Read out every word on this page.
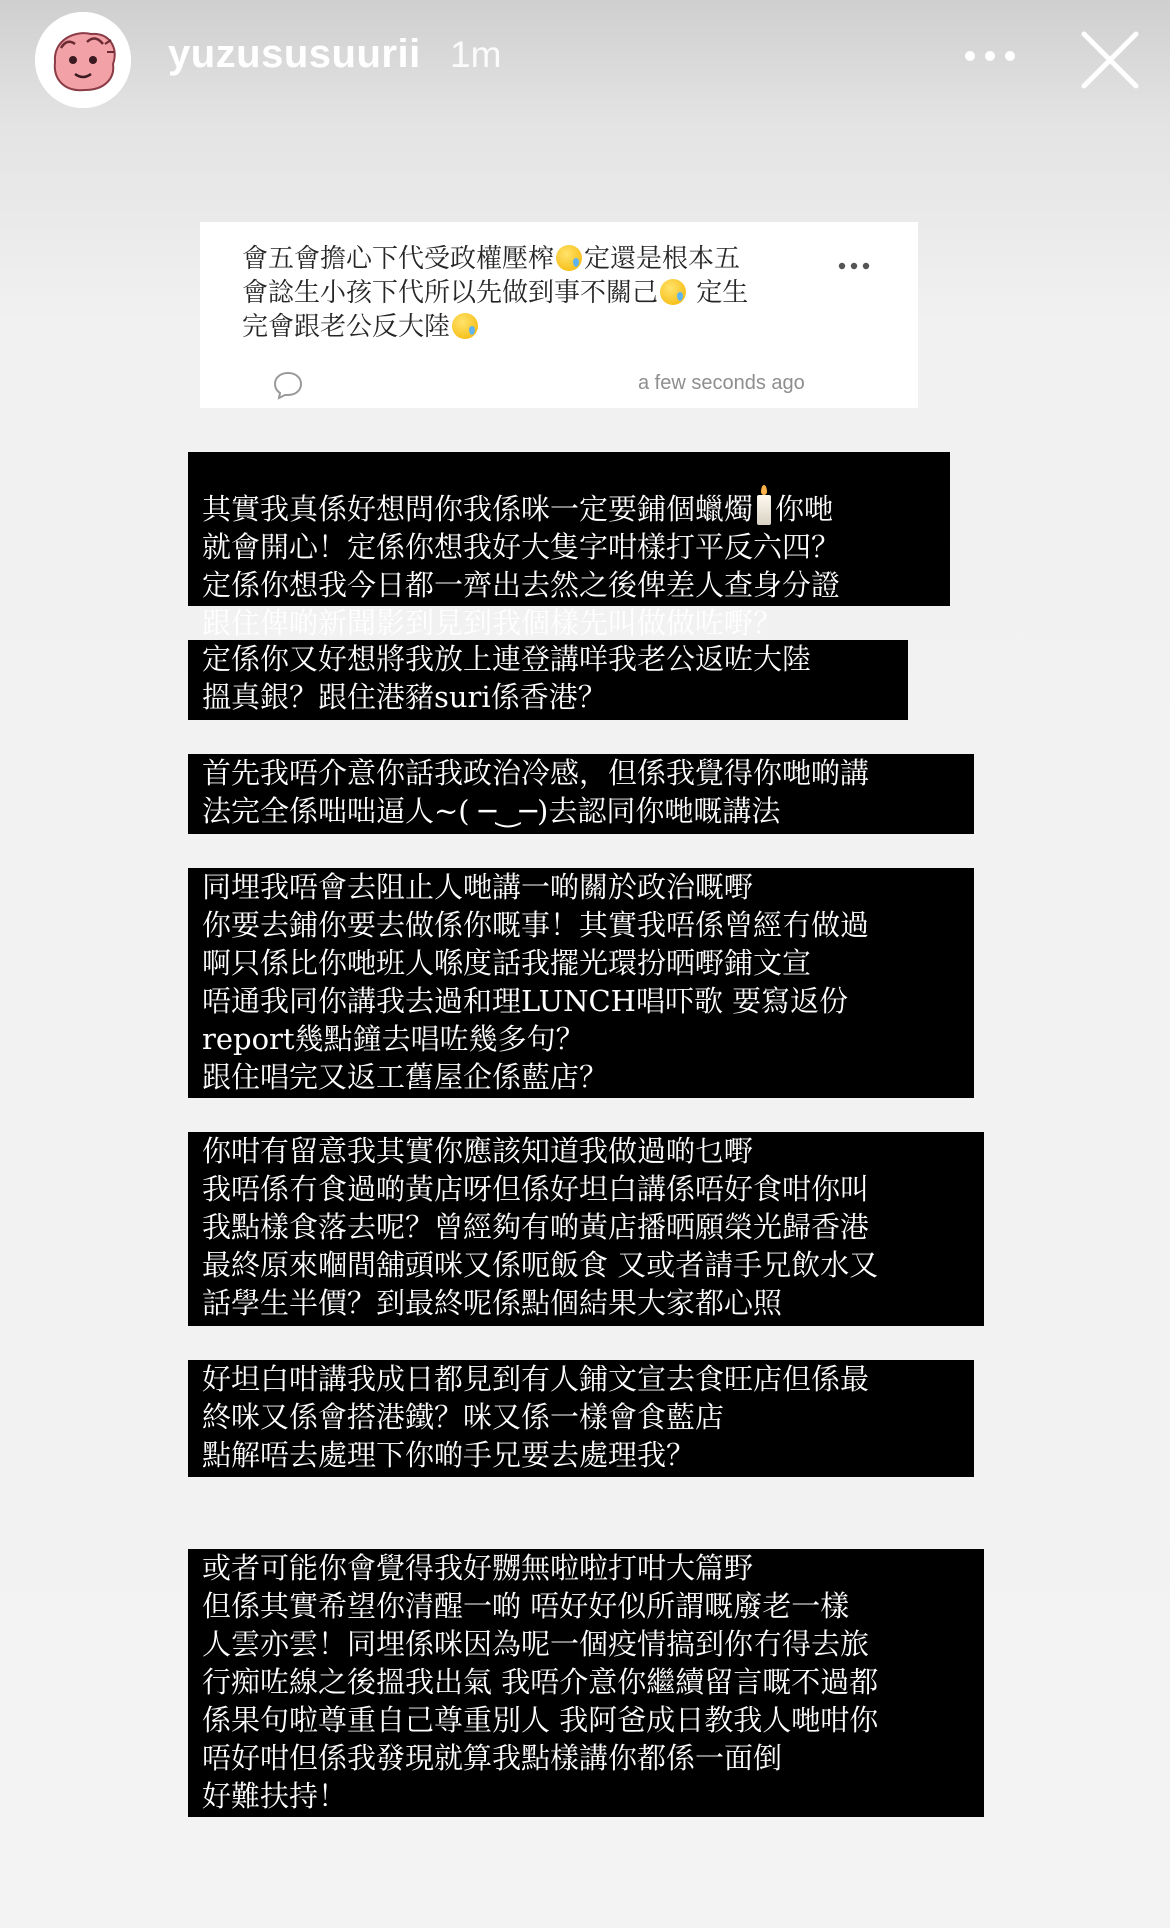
yuzususuurii 1m
會五會擔心下代受政權壓榨 定還是根本五
會諗生小孩下代所以先做到事不關己 定生
完會跟老公反大陸
a few seconds ago

其實我真係好想問你我係咪一定要鋪個蠟燭 你哋
就會開心！定係你想我好大隻字咁樣打平反六四？
定係你想我今日都一齊出去然之後俾差人查身分證
跟住俾啲新聞影到見到我個樣先叫做做咗嘢？

定係你又好想將我放上連登講咩我老公返咗大陸
搵真銀？跟住港豬suri係香港？
首先我唔介意你話我政治冷感，但係我覺得你哋啲講
法完全係咄咄逼人~( ─‿─)去認同你哋嘅講法
同埋我唔會去阻止人哋講一啲關於政治嘅嘢
你要去鋪你要去做係你嘅事！其實我唔係曾經冇做過
啊只係比你哋班人喺度話我擺光環扮晒嘢鋪文宣
唔通我同你講我去過和理LUNCH唱吓歌 要寫返份
report幾點鐘去唱咗幾多句？
跟住唱完又返工舊屋企係藍店？
你咁有留意我其實你應該知道我做過啲乜嘢
我唔係冇食過啲黃店呀但係好坦白講係唔好食咁你叫
我點樣食落去呢？曾經夠有啲黃店播晒願榮光歸香港
最終原來嗰間舖頭咪又係呃飯食 又或者請手兄飲水又
話學生半價？到最終呢係點個結果大家都心照
好坦白咁講我成日都見到有人鋪文宣去食旺店但係最
終咪又係會搭港鐵？咪又係一樣會食藍店
點解唔去處理下你啲手兄要去處理我？
或者可能你會覺得我好嬲無啦啦打咁大篇野
但係其實希望你清醒一啲 唔好好似所謂嘅廢老一樣
人雲亦雲！同埋係咪因為呢一個疫情搞到你冇得去旅
行痴咗線之後搵我出氣 我唔介意你繼續留言嘅不過都
係果句啦尊重自己尊重別人 我阿爸成日教我人哋咁你
唔好咁但係我發現就算我點樣講你都係一面倒
好難扶持！
